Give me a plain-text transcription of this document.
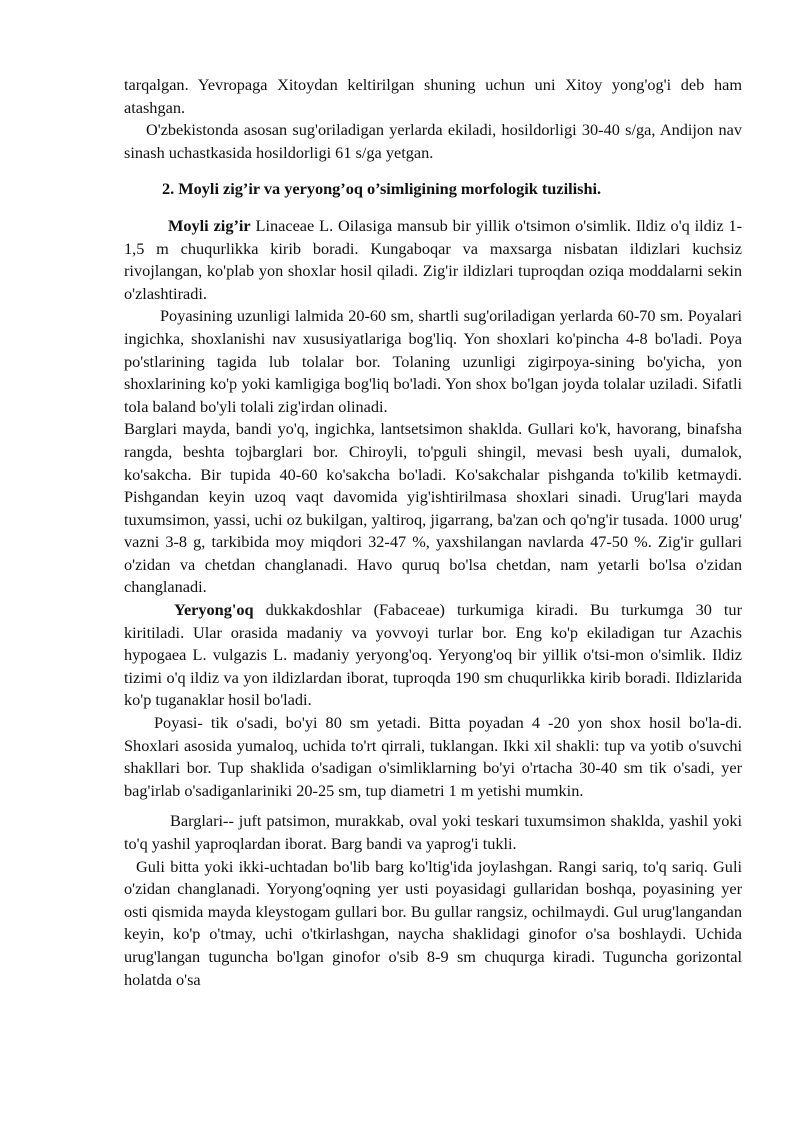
tarqalgan. Yevropaga Xitoydan keltirilgan shuning uchun uni Xitoy yong'og'i deb ham atashgan.

O'zbekistonda asosan sug'oriladigan yerlarda ekiladi, hosildorligi 30-40 s/ga, Andijon nav sinash uchastkasida hosildorligi 61 s/ga yetgan.

2. Moyli zig’ir va yeryong’oq o’simligining morfologik tuzilishi.

Moyli zig’ir Linaceae L. Oilasiga mansub bir yillik o'tsimon o'simlik. Ildiz o'q ildiz 1-1,5 m chuqurlikka kirib boradi. Kungaboqar va maxsarga nisbatan ildizlari kuchsiz rivojlangan, ko'plab yon shoxlar hosil qiladi. Zig'ir ildizlari tuproqdan oziqa moddalarni sekin o'zlashtiradi.

Poyasining uzunligi lalmida 20-60 sm, shartli sug'oriladigan yerlarda 60-70 sm. Poyalari ingichka, shoxlanishi nav xususiyatlariga bog'liq. Yon shoxlari ko'pincha 4-8 bo'ladi. Poya po'stlarining tagida lub tolalar bor. Tolaning uzunligi zigirpoya-sining bo'yicha, yon shoxlarining ko'p yoki kamligiga bog'liq bo'ladi. Yon shox bo'lgan joyda tolalar uziladi. Sifatli tola baland bo'yli tolali zig'irdan olinadi.

Barglari mayda, bandi yo'q, ingichka, lantsetsimon shaklda. Gullari ko'k, havorang, binafsha rangda, beshta tojbarglari bor. Chiroyli, to'pguli shingil, mevasi besh uyali, dumalok, ko'sakcha. Bir tupida 40-60 ko'sakcha bo'ladi. Ko'sakchalar pishganda to'kilib ketmaydi. Pishgandan keyin uzoq vaqt davomida yig'ishtirilmasa shoxlari sinadi. Urug'lari mayda tuxumsimon, yassi, uchi oz bukilgan, yaltiroq, jigarrang, ba'zan och qo'ng'ir tusada. 1000 urug' vazni 3-8 g, tarkibida moy miqdori 32-47 %, yaxshilangan navlarda 47-50 %. Zig'ir gullari o'zidan va chetdan changlanadi. Havo quruq bo'lsa chetdan, nam yetarli bo'lsa o'zidan changlanadi.

Yeryong'oq dukkakdoshlar (Fabaceae) turkumiga kiradi. Bu turkumga 30 tur kiritiladi. Ular orasida madaniy va yovvoyi turlar bor. Eng ko'p ekiladigan tur Azachis hypogaea L. vulgazis L. madaniy yeryong'oq. Yeryong'oq bir yillik o'tsi-mon o'simlik. Ildiz tizimi o'q ildiz va yon ildizlardan iborat, tuproqda 190 sm chuqurlikka kirib boradi. Ildizlarida ko'p tuganaklar hosil bo'ladi.

Poyasi- tik o'sadi, bo'yi 80 sm yetadi. Bitta poyadan 4 -20 yon shox hosil bo'la-di. Shoxlari asosida yumaloq, uchida to'rt qirrali, tuklangan. Ikki xil shakli: tup va yotib o'suvchi shakllari bor. Tup shaklida o'sadigan o'simliklarning bo'yi o'rtacha 30-40 sm tik o'sadi, yer bag'irlab o'sadiganlariniki 20-25 sm, tup diametri 1 m yetishi mumkin.

Barglari-- juft patsimon, murakkab, oval yoki teskari tuxumsimon shaklda, yashil yoki to'q yashil yaproqlardan iborat. Barg bandi va yaprog'i tukli.

Guli bitta yoki ikki-uchtadan bo'lib barg ko'ltig'ida joylashgan. Rangi sariq, to'q sariq. Guli o'zidan changlanadi. Yoryong'oqning yer usti poyasidagi gullaridan boshqa, poyasining yer osti qismida mayda kleystogam gullari bor. Bu gullar rangsiz, ochilmaydi. Gul urug'langandan keyin, ko'p o'tmay, uchi o'tkirlashgan, naycha shaklidagi ginofor o'sa boshlaydi. Uchida urug'langan tuguncha bo'lgan ginofor o'sib 8-9 sm chuqurga kiradi. Tuguncha gorizontal holatda o'sa
